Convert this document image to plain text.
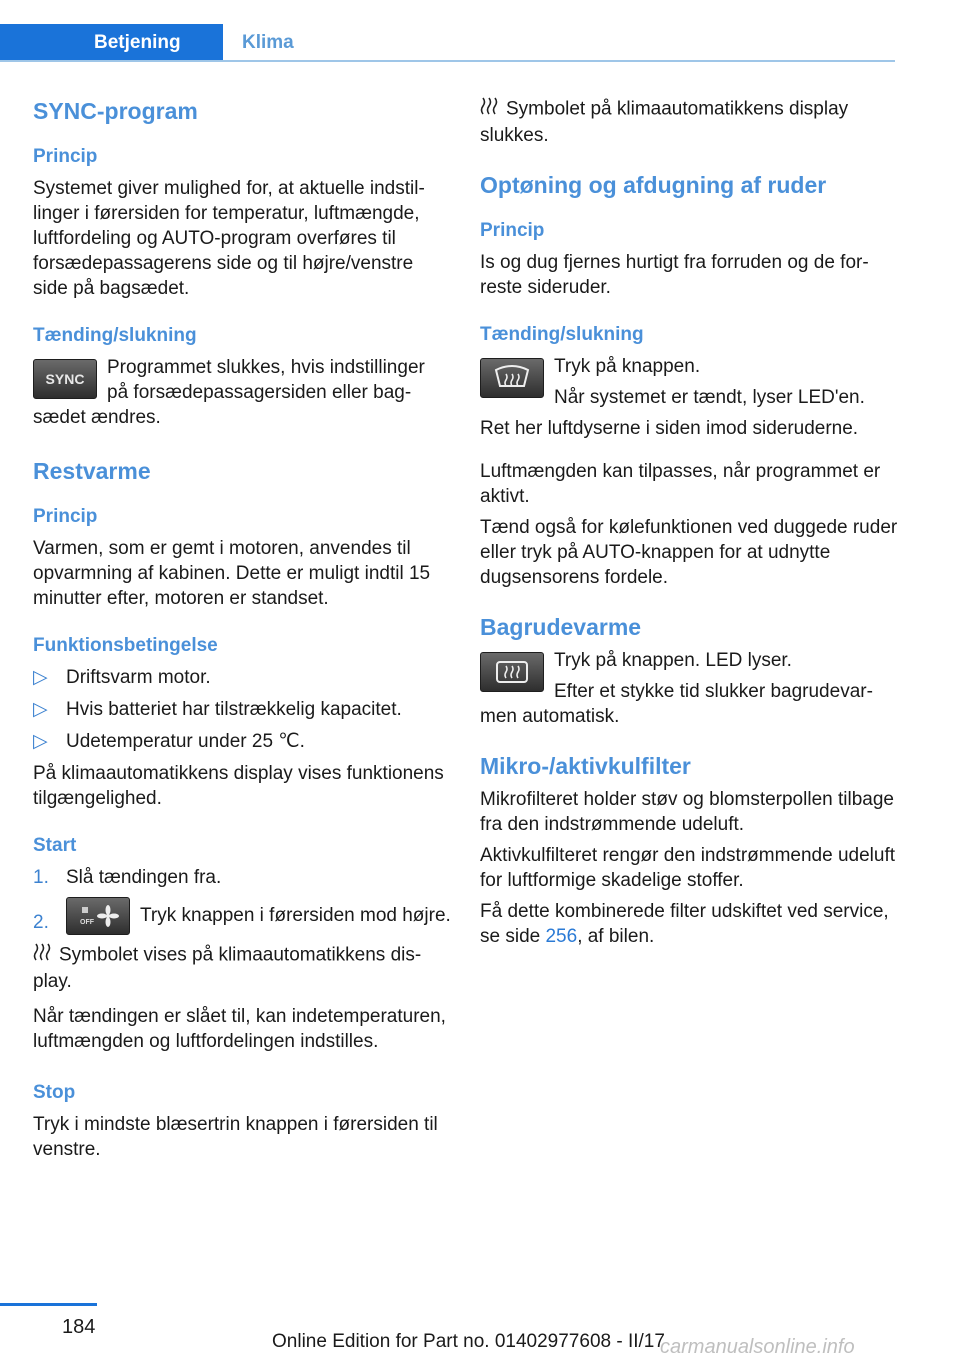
Betjening	Klima
SYNC-program
Princip

Systemet giver mulighed for, at aktuelle indstillinger i førersiden for temperatur, luftmængde, luftfordeling og AUTO-program overføres til forsædepassagerens side og til højre/venstre side på bagsædet.

Tænding/slukning
SYNC

Programmet slukkes, hvis indstillinger på forsædepassagersiden eller bagsædet ændres.

Restvarme
Princip

Varmen, som er gemt i motoren, anvendes til opvarmning af kabinen. Dette er muligt indtil 15 minutter efter, motoren er standset.

Funktionsbetingelse
▷ Driftsvarm motor.
▷ Hvis batteriet har tilstrækkelig kapacitet.
▷ Udetemperatur under 25 ℃.

På klimaautomatikkens display vises funktionens tilgængelighed.

Start
1. Slå tændingen fra.
2.	OFF Tryk knappen i førersiden mod højre.

Symbolet vises på klimaautomatikkens display.

Når tændingen er slået til, kan indetemperaturen, luftmængden og luftfordelingen indstilles.

Stop

Tryk i mindste blæsertrin knappen i førersiden til venstre.

Symbolet på klimaautomatikkens display slukkes.

Optøning og afdugning af ruder
Princip

Is og dug fjernes hurtigt fra forruden og de forreste sideruder.

Tænding/slukning

Tryk på knappen.

Når systemet er tændt, lyser LED'en.

Ret her luftdyserne i siden imod sideruderne.

Luftmængden kan tilpasses, når programmet er aktivt.

Tænd også for kølefunktionen ved duggede ruder eller tryk på AUTO-knappen for at udnytte dugsensorens fordele.

Bagrudevarme

Tryk på knappen. LED lyser.

Efter et stykke tid slukker bagrudevarmen automatisk.

Mikro-/aktivkulfilter

Mikrofilteret holder støv og blomsterpollen tilbage fra den indstrømmende udeluft.

Aktivkulfilteret rengør den indstrømmende udeluft for luftformige skadelige stoffer.

Få dette kombinerede filter udskiftet ved service, se side 256, af bilen.

184
Online Edition for Part no. 01402977608 - II/17
carmanualsonline.info
